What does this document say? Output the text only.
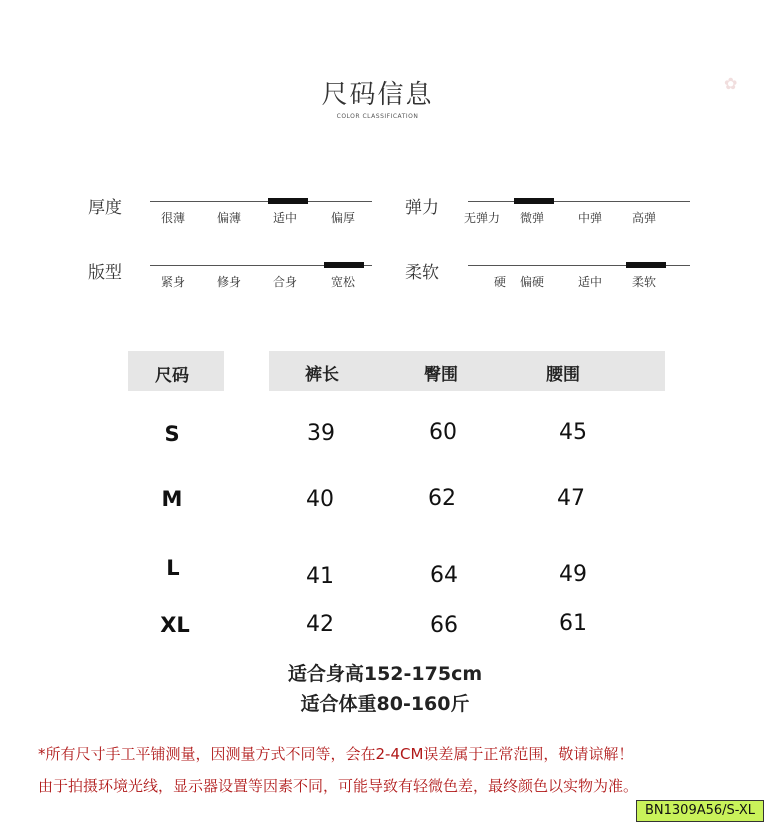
尺码信息
COLOR CLASSIFICATION
✿
厚度	很薄	偏薄	适中	偏厚	弹力 无弹力 微弹	中弹 高弹
版型	紧身	修身	合身	宽松	柔软	硬 偏硬	适中 柔软
尺码	裤长	臀围	腰围
S	39	60	45
M	40	62	47
L	41	64	49
XL	42	66	61
适合身高152-175cm
适合体重80-160斤
*所有尺寸手工平铺测量，因测量方式不同等，会在2-4CM误差属于正常范围，敬请谅解！
由于拍摄环境光线，显示器设置等因素不同，可能导致有轻微色差，最终颜色以实物为准。
BN1309A56/S-XL
